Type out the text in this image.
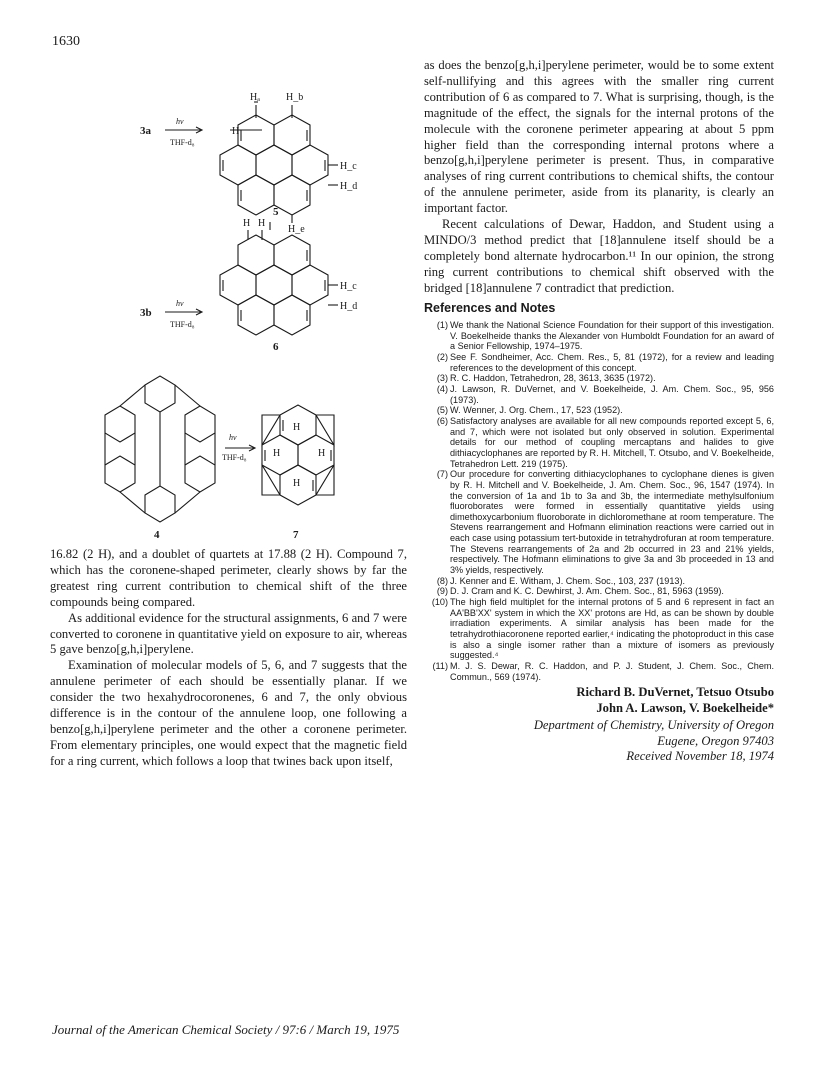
1630
3a
hν
THF-d₈
5
Hₐ	H_b
H_c
H_d
H_e
H
3b
hν
THF-d₈
6
H H
H_c
H_d
4
hν
THF-d₈
7
H
H	H
H

16.82 (2 H), and a doublet of quartets at 17.88 (2 H). Compound 7, which has the coronene-shaped perimeter, clearly shows by far the greatest ring current contribution to chemical shift of the three compounds being compared.

As additional evidence for the structural assignments, 6 and 7 were converted to coronene in quantitative yield on exposure to air, whereas 5 gave benzo[g,h,i]perylene.

Examination of molecular models of 5, 6, and 7 suggests that the annulene perimeter of each should be essentially planar. If we consider the two hexahydrocoronenes, 6 and 7, the only obvious difference is in the contour of the annulene loop, one following a benzo[g,h,i]perylene perimeter and the other a coronene perimeter. From elementary principles, one would expect that the magnetic field for a ring current, which follows a loop that twines back upon itself,

as does the benzo[g,h,i]perylene perimeter, would be to some extent self-nullifying and this agrees with the smaller ring current contribution of 6 as compared to 7. What is surprising, though, is the magnitude of the effect, the signals for the internal protons of the molecule with the coronene perimeter appearing at about 5 ppm higher field than the corresponding internal protons where a benzo[g,h,i]perylene perimeter is present. Thus, in comparative analyses of ring current contributions to chemical shifts, the contour of the annulene perimeter, aside from its planarity, is clearly an important factor.

Recent calculations of Dewar, Haddon, and Student using a MINDO/3 method predict that [18]annulene itself should be a completely bond alternate hydrocarbon.¹¹ In our opinion, the strong ring current contributions to chemical shift observed with the bridged [18]annulene 7 contradict that prediction.

References and Notes
(1) We thank the National Science Foundation for their support of this investigation. V. Boekelheide thanks the Alexander von Humboldt Foundation for an award of a Senior Fellowship, 1974–1975.
(2) See F. Sondheimer, Acc. Chem. Res., 5, 81 (1972), for a review and leading references to the development of this concept.
(3) R. C. Haddon, Tetrahedron, 28, 3613, 3635 (1972).
(4) J. Lawson, R. DuVernet, and V. Boekelheide, J. Am. Chem. Soc., 95, 956 (1973).
(5) W. Wenner, J. Org. Chem., 17, 523 (1952).
(6) Satisfactory analyses are available for all new compounds reported except 5, 6, and 7, which were not isolated but only observed in solution. Experimental details for our method of coupling mercaptans and halides to give dithiacyclophanes are reported by R. H. Mitchell, T. Otsubo, and V. Boekelheide, Tetrahedron Lett. 219 (1975).
(7) Our procedure for converting dithiacyclophanes to cyclophane dienes is given by R. H. Mitchell and V. Boekelheide, J. Am. Chem. Soc., 96, 1547 (1974). In the conversion of 1a and 1b to 3a and 3b, the intermediate methylsulfonium fluoroborates were formed in essentially quantitative yields using dimethoxycarbonium fluoroborate in dichloromethane at room temperature. The Stevens rearrangement and Hofmann elimination reactions were carried out in each case using potassium tert-butoxide in tetrahydrofuran at room temperature. The Stevens rearrangements of 2a and 2b occurred in 23 and 21% yields, respectively. The Hofmann eliminations to give 3a and 3b proceeded in 13 and 3% yields, respectively.
(8) J. Kenner and E. Witham, J. Chem. Soc., 103, 237 (1913).
(9) D. J. Cram and K. C. Dewhirst, J. Am. Chem. Soc., 81, 5963 (1959).
(10) The high field multiplet for the internal protons of 5 and 6 represent in fact an AA'BB'XX' system in which the XX' protons are Hd, as can be shown by double irradiation experiments. A similar analysis has been made for the tetrahydrothiacoronene reported earlier,⁴ indicating the photoproduct in this case is also a single isomer rather than a mixture of isomers as previously suggested.⁴
(11) M. J. S. Dewar, R. C. Haddon, and P. J. Student, J. Chem. Soc., Chem. Commun., 569 (1974).
Richard B. DuVernet, Tetsuo Otsubo
John A. Lawson, V. Boekelheide*
Department of Chemistry, University of Oregon
Eugene, Oregon 97403
Received November 18, 1974
Journal of the American Chemical Society / 97:6 / March 19, 1975
